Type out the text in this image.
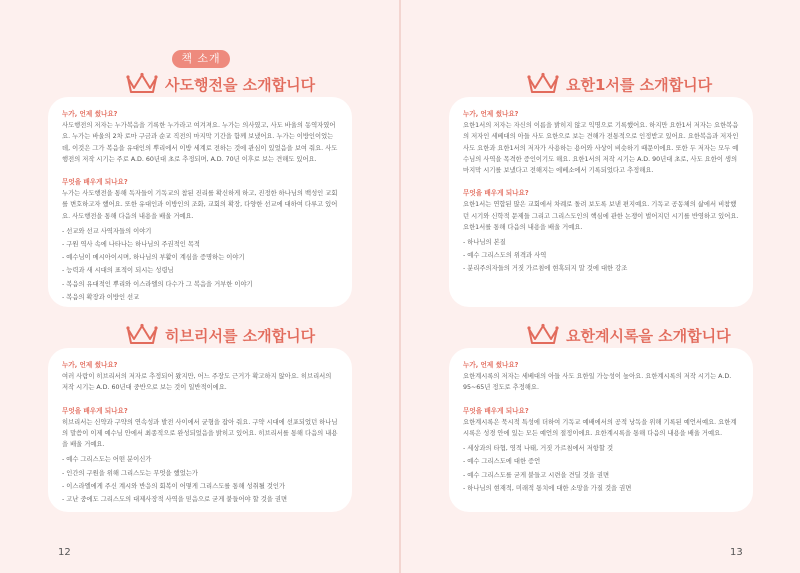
책 소개
사도행전을 소개합니다
누가, 언제 썼나요?

사도행전의 저자는 누가복음을 기록한 누가라고 여겨져요. 누가는 의사였고, 사도 바울의 동역자였어요. 누가는 바울의 2차 로마 구금과 순교 직전의 마지막 기간을 함께 보냈어요. 누가는 이방인이었는데, 이것은 그가 복음을 유대인의 뿌리에서 이방 세계로 전하는 것에 관심이 있었음을 보여 줘요. 사도행전의 저작 시기는 주로 A.D. 60년대 초로 추정되며, A.D. 70년 이후로 보는 견해도 있어요.

무엇을 배우게 되나요?

누가는 사도행전을 통해 독자들이 기독교의 참된 진리를 확신하게 하고, 진정한 하나님의 백성인 교회를 변호하고자 했어요. 또한 유대인과 이방인의 조화, 교회의 확장, 다양한 선교에 대하여 다루고 있어요. 사도행전을 통해 다음의 내용을 배울 거예요.

- 선교와 선교 사역자들의 이야기
- 구원 역사 속에 나타나는 하나님의 주권적인 목적
- 예수님이 메시아이시며, 하나님의 부활이 계심을 증명하는 이야기
- 능력과 새 시대의 표적이 되시는 성령님
- 복음의 유대적인 뿌리와 이스라엘의 다수가 그 복음을 거부한 이야기
- 복음의 확장과 이방인 선교
히브리서를 소개합니다
누가, 언제 썼나요?

여러 사람이 히브리서의 저자로 추정되어 왔지만, 어느 주장도 근거가 확고하지 않아요. 히브리서의 저작 시기는 A.D. 60년대 중반으로 보는 것이 일반적이에요.

무엇을 배우게 되나요?

히브리서는 신약과 구약의 연속성과 발전 사이에서 균형을 잡아 줘요. 구약 시대에 선포되었던 하나님의 말씀이 이제 예수님 안에서 최종적으로 완성되었음을 밝히고 있어요. 히브리서를 통해 다음의 내용을 배울 거예요.

- 예수 그리스도는 어떤 분이신가
- 인간의 구원을 위해 그리스도는 무엇을 했었는가
- 이스라엘에게 주신 계시와 반응의 회복이 어떻게 그리스도를 통해 성취될 것인가
- 고난 중에도 그리스도의 대제사장적 사역을 믿음으로 굳게 붙들어야 할 것을 권면
요한1서를 소개합니다
누가, 언제 썼나요?

요한1서의 저자는 자신의 이름을 밝히지 않고 익명으로 기록했어요. 하지만 요한1서 저자는 요한복음의 저자인 세베대의 아들 사도 요한으로 보는 견해가 전통적으로 인정받고 있어요. 요한복음과 저자인 사도 요한과 요한1서의 저자가 사용하는 용어와 사상이 비슷하기 때문이에요. 또한 두 저자는 모두 예수님의 사역을 목격한 증인이기도 해요. 요한1서의 저작 시기는 A.D. 90년대 초로, 사도 요한이 생의 마지막 시기를 보냈다고 전해지는 에베소에서 기록되었다고 추정해요.

무엇을 배우게 되나요?

요한1서는 연합된 많은 교회에서 차례로 돌려 보도록 보낸 편지예요. 기독교 공동체의 삶에서 비참했던 시기와 신학적 문제들 그리고 그리스도인의 핵심에 관한 논쟁이 벌어지던 시기를 반영하고 있어요. 요한1서를 통해 다음의 내용을 배울 거예요.

- 하나님의 본질
- 예수 그리스도의 위격과 사역
- 분리주의자들의 거짓 가르침에 현혹되지 말 것에 대한 강조
요한계시록을 소개합니다
누가, 언제 썼나요?

요한계시록의 저자는 세베대의 아들 사도 요한일 가능성이 높아요. 요한계시록의 저작 시기는 A.D. 95~65년 정도로 추정해요.

무엇을 배우게 되나요?

요한계시록은 묵시적 특성에 더하여 기독교 예배에서의 공적 낭독을 위해 기록된 예언서예요. 요한계시록은 성경 안에 있는 모든 예언의 절정이에요. 요한계시록을 통해 다음의 내용을 배울 거예요.

- 세상과의 타협, 영적 나태, 거짓 가르침에서 저항할 것
- 예수 그리스도에 대한 증언
- 예수 그리스도를 굳게 붙들고 시련을 견딜 것을 권면
- 하나님의 현재적, 미래적 통치에 대한 소망을 가질 것을 권면
12	13
